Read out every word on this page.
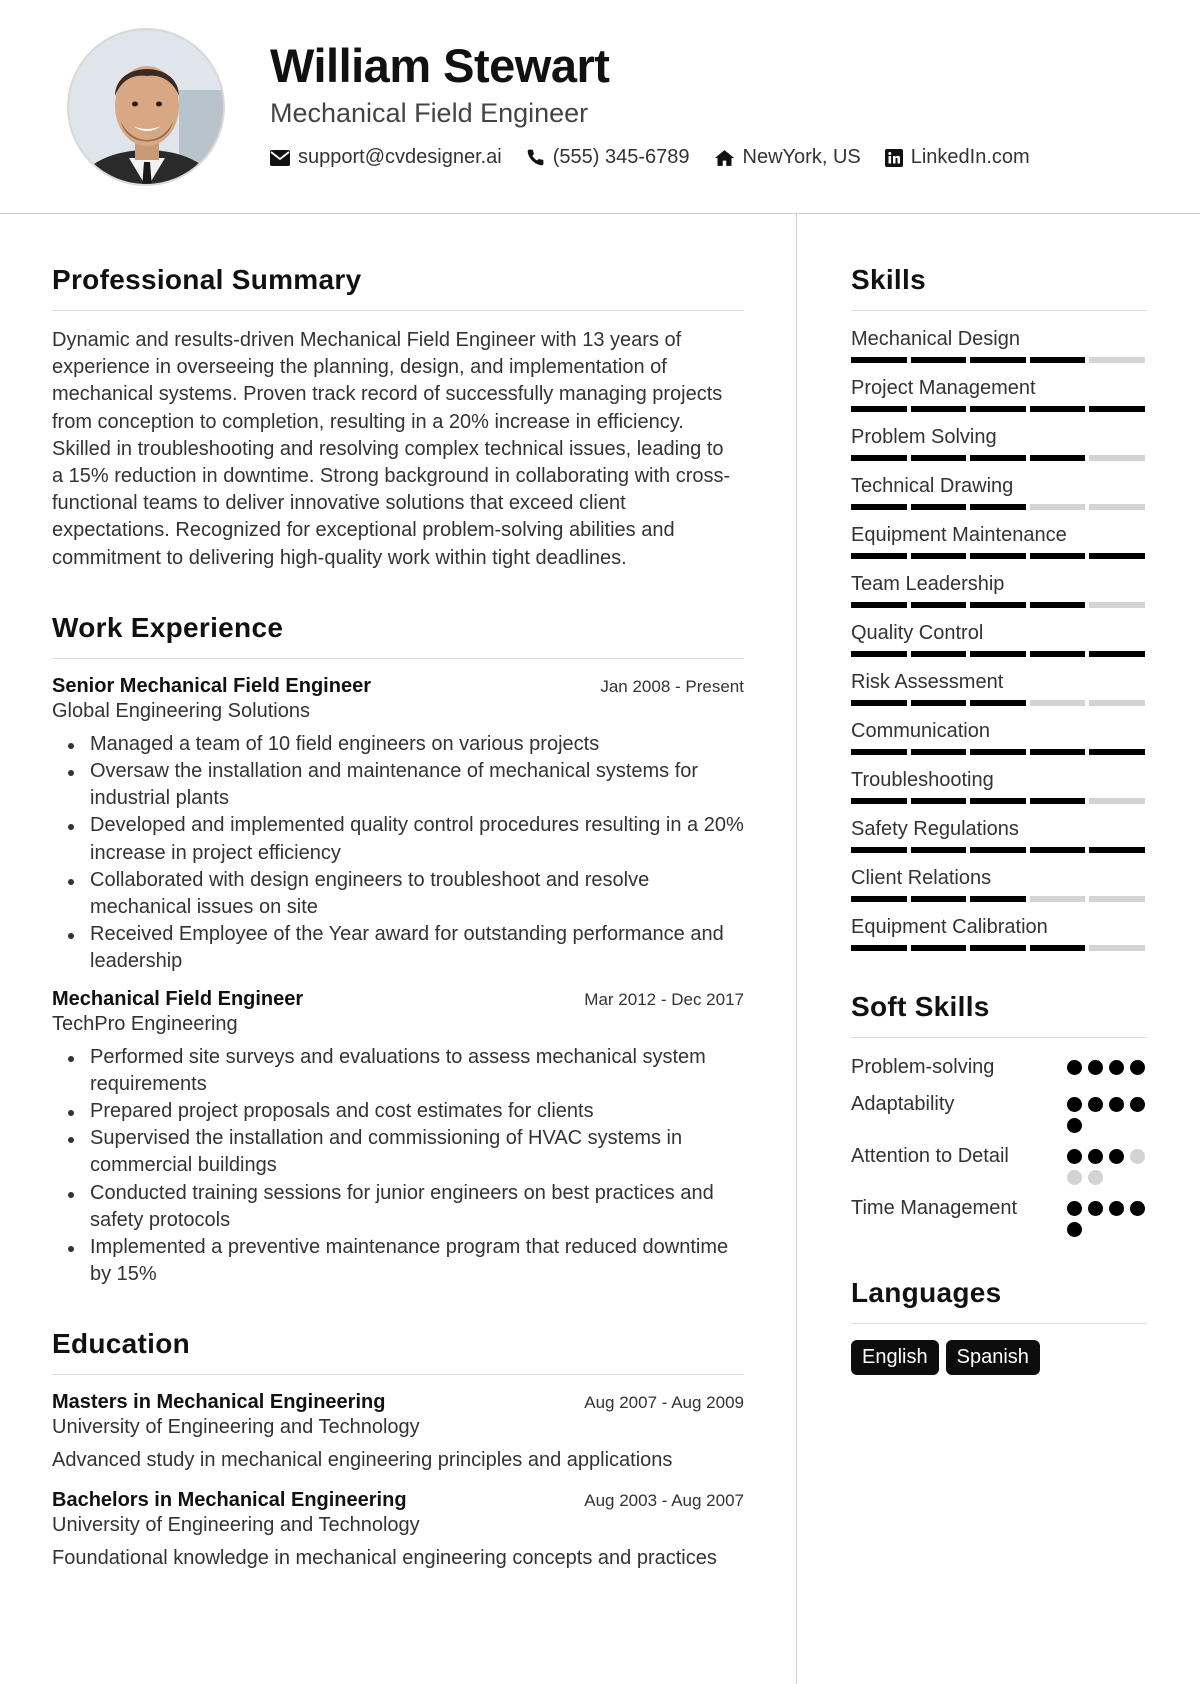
William Stewart
Mechanical Field Engineer
support@cvdesigner.ai	(555) 345-6789	NewYork, US	LinkedIn.com
Professional Summary

Dynamic and results-driven Mechanical Field Engineer with 13 years of experience in overseeing the planning, design, and implementation of mechanical systems. Proven track record of successfully managing projects from conception to completion, resulting in a 20% increase in efficiency. Skilled in troubleshooting and resolving complex technical issues, leading to a 15% reduction in downtime. Strong background in collaborating with cross-functional teams to deliver innovative solutions that exceed client expectations. Recognized for exceptional problem-solving abilities and commitment to delivering high-quality work within tight deadlines.

Work Experience
Senior Mechanical Field Engineer	Jan 2008 - Present
Global Engineering Solutions
Managed a team of 10 field engineers on various projects
Oversaw the installation and maintenance of mechanical systems for industrial plants
Developed and implemented quality control procedures resulting in a 20% increase in project efficiency
Collaborated with design engineers to troubleshoot and resolve mechanical issues on site
Received Employee of the Year award for outstanding performance and leadership
Mechanical Field Engineer	Mar 2012 - Dec 2017
TechPro Engineering
Performed site surveys and evaluations to assess mechanical system requirements
Prepared project proposals and cost estimates for clients
Supervised the installation and commissioning of HVAC systems in commercial buildings
Conducted training sessions for junior engineers on best practices and safety protocols
Implemented a preventive maintenance program that reduced downtime by 15%
Education
Masters in Mechanical Engineering	Aug 2007 - Aug 2009
University of Engineering and Technology
Advanced study in mechanical engineering principles and applications
Bachelors in Mechanical Engineering	Aug 2003 - Aug 2007
University of Engineering and Technology
Foundational knowledge in mechanical engineering concepts and practices
Skills
Mechanical Design
Project Management
Problem Solving
Technical Drawing
Equipment Maintenance
Team Leadership
Quality Control
Risk Assessment
Communication
Troubleshooting
Safety Regulations
Client Relations
Equipment Calibration
Soft Skills
Problem-solving
Adaptability
Attention to Detail
Time Management
Languages
English	Spanish
